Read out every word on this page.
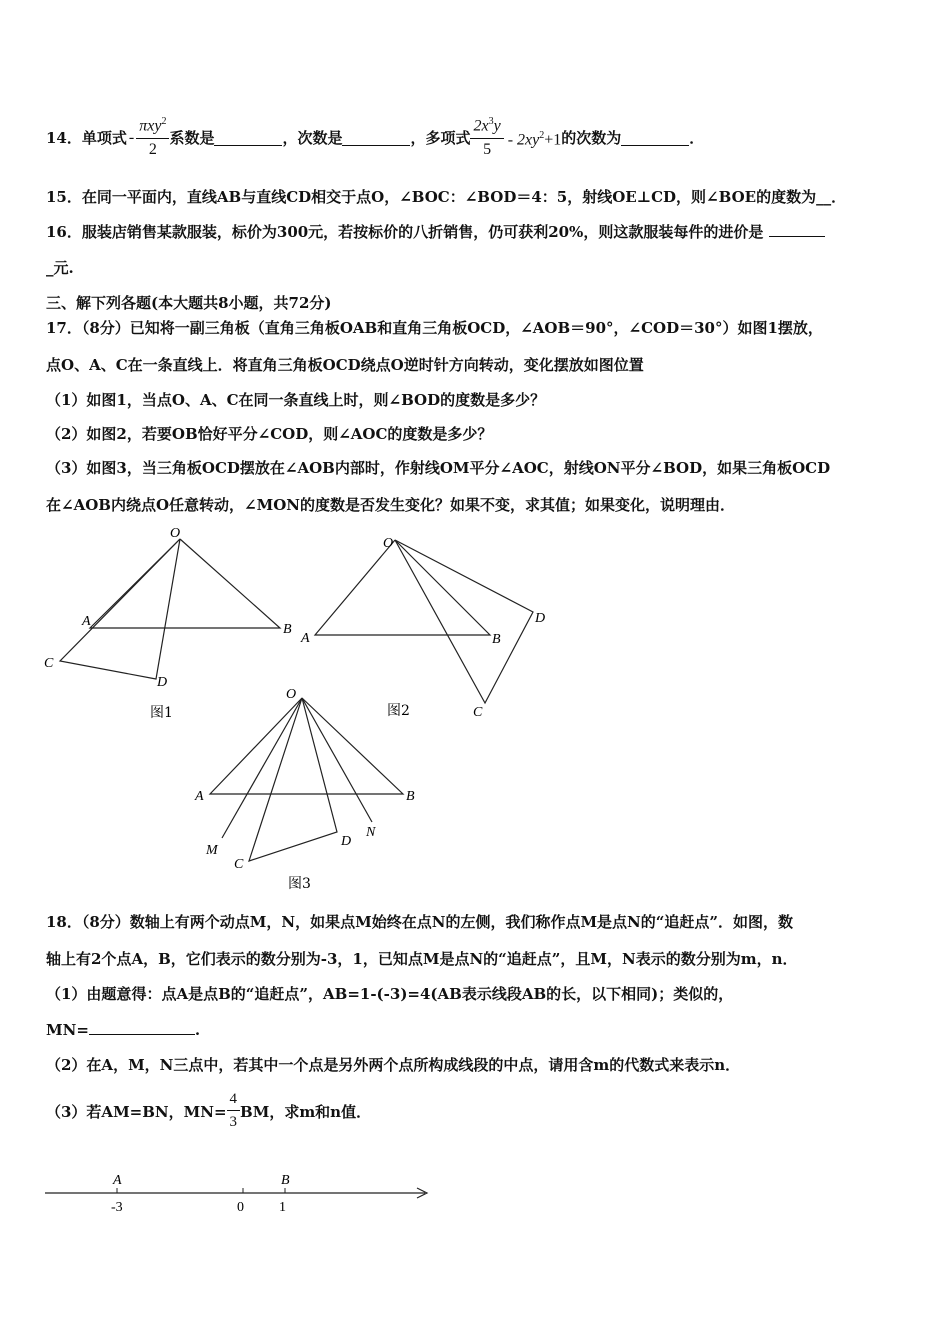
14． 单项式 - $\frac{\pi xy^2}{2}$ 系数是	，次数是	，多项式 $\frac{2x^3y}{5} - 2xy^2+1$ 的次数为	．
15．在同一平面内，直线AB与直线CD相交于点O，∠BOC：∠BOD＝4：5，射线OE⊥CD，则∠BOE的度数为__．
16．服装店销售某款服装，标价为300元，若按标价的八折销售，仍可获利20%，则这款服装每件的进价是
_元.
三、解下列各题(本大题共8小题，共72分)
17．（8分）已知将一副三角板（直角三角板OAB和直角三角板OCD，∠AOB＝90°，∠COD＝30°）如图1摆放，
点O、A、C在一条直线上．将直角三角板OCD绕点O逆时针方向转动，变化摆放如图位置
（1）如图1，当点O、A、C在同一条直线上时，则∠BOD的度数是多少？
（2）如图2，若要OB恰好平分∠COD，则∠AOC的度数是多少？
（3）如图3，当三角板OCD摆放在∠AOB内部时，作射线OM平分∠AOC，射线ON平分∠BOD，如果三角板OCD
在∠AOB内绕点O任意转动，∠MON的度数是否发生变化？如果不变，求其值；如果变化，说明理由．
O
A
B
C
D
图1
O
A	B
C
D
图2
O
A	B
C
D
M
N
图3
18．（8分）数轴上有两个动点M，N，如果点M始终在点N的左侧，我们称作点M是点N的“追赶点”．如图，数
轴上有2个点A，B，它们表示的数分别为-3，1，已知点M是点N的“追赶点”，且M，N表示的数分别为m，n．
（1）由题意得：点A是点B的“追赶点”，AB=1-(-3)=4(AB表示线段AB的长，以下相同)；类似的，
MN=	.
（2）在A，M，N三点中，若其中一个点是另外两个点所构成线段的中点，请用含m的代数式来表示n．
（3）若AM=BN，$MN= \frac{4}{3}$ BM，求m和n值．
-3
A
0	1
B
